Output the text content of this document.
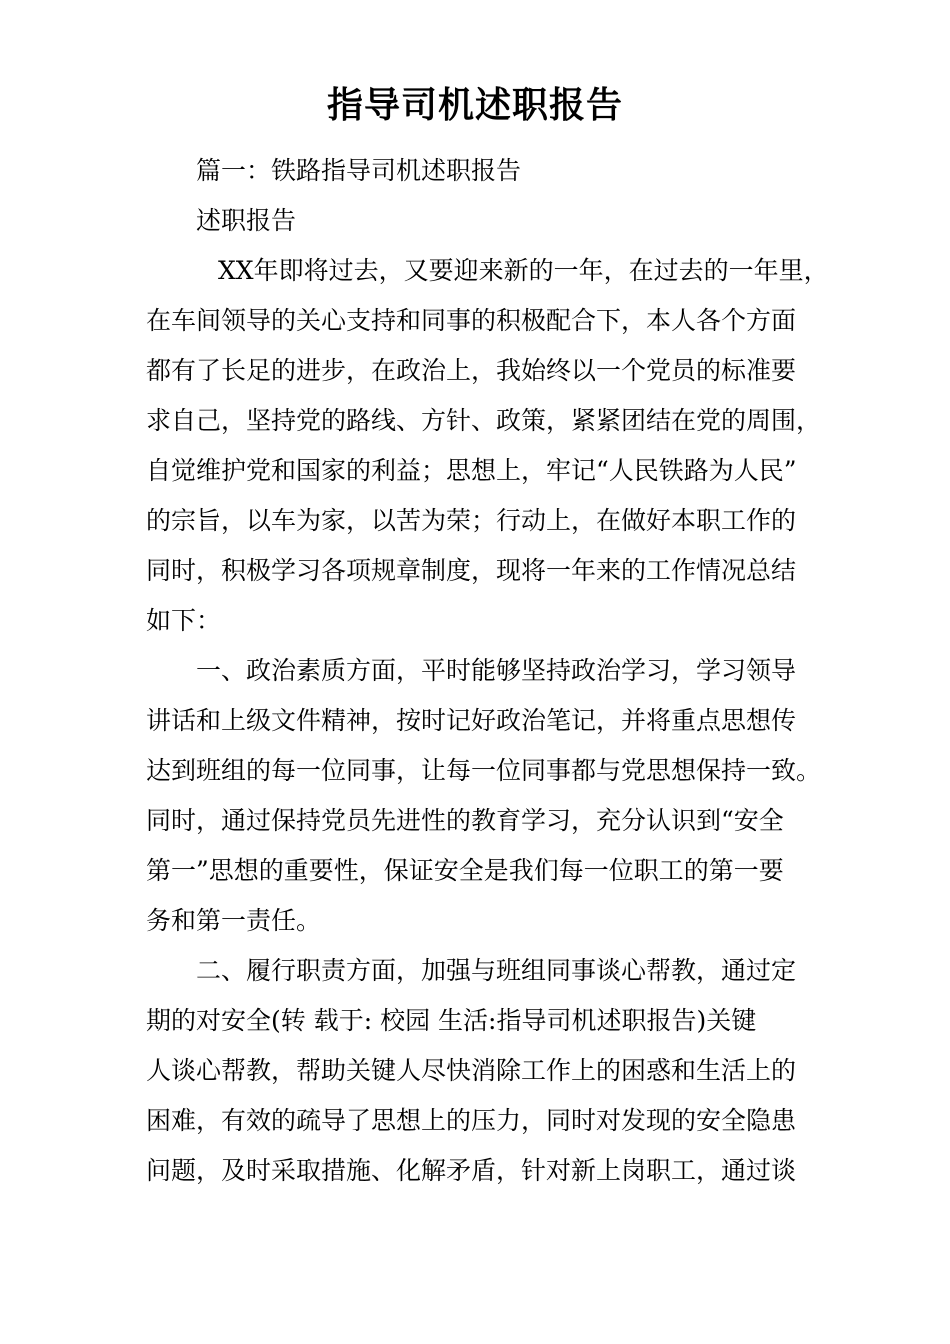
指导司机述职报告
篇一：铁路指导司机述职报告
述职报告
XX年即将过去，又要迎来新的一年，在过去的一年里，
在车间领导的关心支持和同事的积极配合下，本人各个方面
都有了长足的进步，在政治上，我始终以一个党员的标准要
求自己，坚持党的路线、方针、政策，紧紧团结在党的周围，
自觉维护党和国家的利益；思想上，牢记“人民铁路为人民”
的宗旨，以车为家，以苦为荣；行动上，在做好本职工作的
同时，积极学习各项规章制度，现将一年来的工作情况总结
如下：
一、政治素质方面，平时能够坚持政治学习，学习领导
讲话和上级文件精神，按时记好政治笔记，并将重点思想传
达到班组的每一位同事，让每一位同事都与党思想保持一致。
同时，通过保持党员先进性的教育学习，充分认识到“安全
第一”思想的重要性，保证安全是我们每一位职工的第一要
务和第一责任。
二、履行职责方面，加强与班组同事谈心帮教，通过定
期的对安全(转 载于: 校园 生活:指导司机述职报告)关键
人谈心帮教，帮助关键人尽快消除工作上的困惑和生活上的
困难，有效的疏导了思想上的压力，同时对发现的安全隐患
问题，及时采取措施、化解矛盾，针对新上岗职工，通过谈
